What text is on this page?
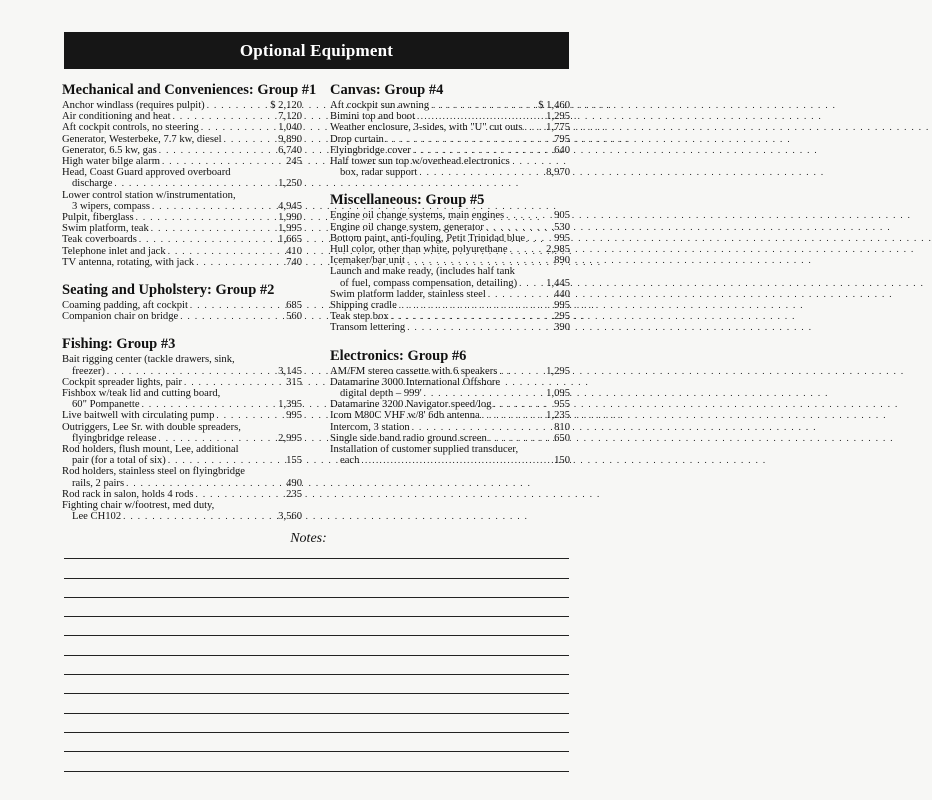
Optional Equipment
Mechanical and Conveniences: Group #1
Anchor windlass (requires pulpit) . . .	$ 2,120
Air conditioning and heat . . .	7,120
Aft cockpit controls, no steering . . .	1,040
Generator, Westerbeke, 7.7 kw, diesel . . .	9,890
Generator, 6.5 kw, gas . . .	6,740
High water bilge alarm . . .	245
Head, Coast Guard approved overboard
discharge . . .	1,250
Lower control station w/instrumentation,
3 wipers, compass . . .	4,945
Pulpit, fiberglass . . .	1,990
Swim platform, teak . . .	1,995
Teak coverboards . . .	1,665
Telephone inlet and jack . . .	410
TV antenna, rotating, with jack . . .	740
Seating and Upholstery: Group #2
Coaming padding, aft cockpit . . .	685
Companion chair on bridge . . .	560
Fishing: Group #3
Bait rigging center (tackle drawers, sink,
freezer) . . .	3,145
Cockpit spreader lights, pair . . .	315
Fishbox w/teak lid and cutting board,
60" Pompanette . . .	1,395
Live baitwell with circulating pump . . .	995
Outriggers, Lee Sr. with double spreaders,
flyingbridge release . . .	2,995
Rod holders, flush mount, Lee, additional
pair (for a total of six) . . .	155
Rod holders, stainless steel on flyingbridge
rails, 2 pairs . . .	490
Rod rack in salon, holds 4 rods . . .	235
Fighting chair w/footrest, med duty,
Lee CH102 . . .	3,560
Canvas: Group #4
Aft cockpit sun awning . . .	$ 1,460
Bimini top and boot . . .	1,295
Weather enclosure, 3-sides, with "U" cut outs . . .	1,775
Drop curtain . . .	795
Flyingbridge cover . . .	640
Half tower sun top w/overhead electronics
box, radar support . . .	8,970
Miscellaneous: Group #5
Engine oil change systems, main engines . . .	905
Engine oil change system, generator . . .	530
Bottom paint, anti-fouling, Petit Trinidad blue . . .	995
Hull color, other than white, polyurethane . . .	2,985
Icemaker/bar unit . . .	890
Launch and make ready, (includes half tank
of fuel, compass compensation, detailing) . . .	1,445
Swim platform ladder, stainless steel . . .	440
Shipping cradle . . .	995
Teak step box . . .	295
Transom lettering . . .	390
Electronics: Group #6
AM/FM stereo cassette with 6 speakers . . .	1,295
Datamarine 3000 International Offshore
digital depth – 999' . . .	1,095
Datamarine 3200 Navigator speed/log . . .	955
Icom M80C VHF w/8' 6db antenna . . .	1,235
Intercom, 3 station . . .	810
Single side band radio ground screen . . .	650
Installation of customer supplied transducer,
each . . .	150
Notes:
